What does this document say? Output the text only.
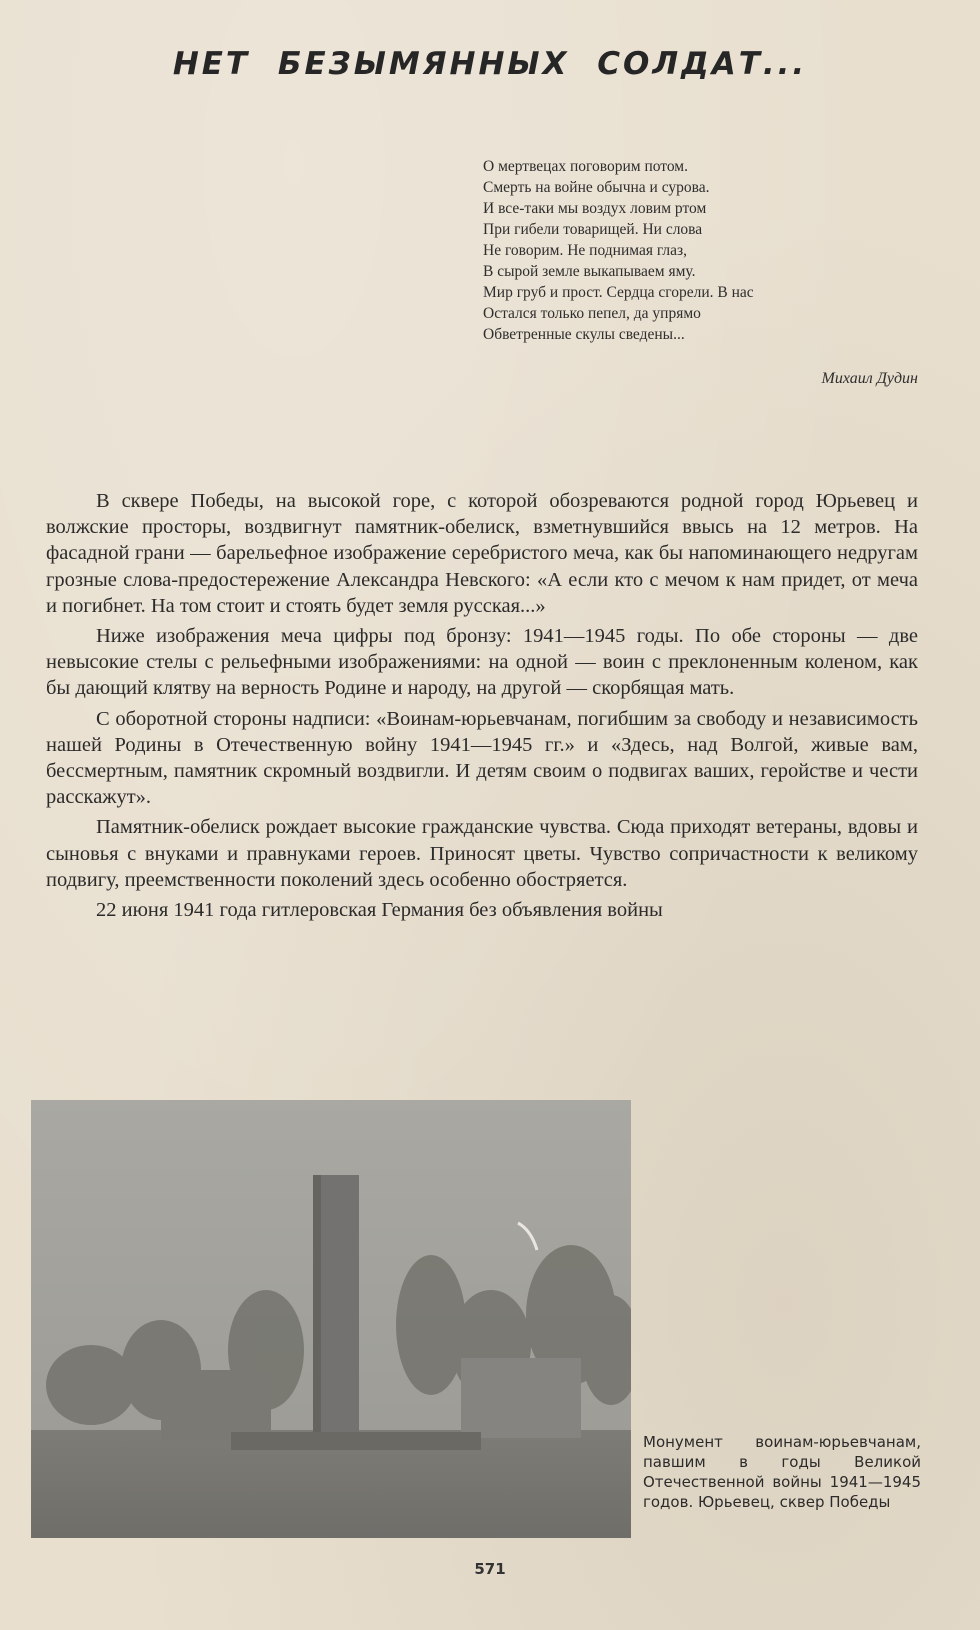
НЕТ БЕЗЫМЯННЫХ СОЛДАТ...
О мертвецах поговорим потом.
Смерть на войне обычна и сурова.
И все-таки мы воздух ловим ртом
При гибели товарищей. Ни слова
Не говорим. Не поднимая глаз,
В сырой земле выкапываем яму.
Мир груб и прост. Сердца сгорели. В нас
Остался только пепел, да упрямо
Обветренные скулы сведены...
Михаил Дудин

В сквере Победы, на высокой горе, с которой обозреваются родной город Юрьевец и волжские просторы, воздвигнут памятник-обелиск, взметнувшийся ввысь на 12 метров. На фасадной грани — барельефное изображение серебристого меча, как бы напоминающего недругам грозные слова-предостережение Александра Невского: «А если кто с мечом к нам придет, от меча и погибнет. На том стоит и стоять будет земля русская...»

Ниже изображения меча цифры под бронзу: 1941—1945 годы. По обе стороны — две невысокие стелы с рельефными изображениями: на одной — воин с преклоненным коленом, как бы дающий клятву на верность Родине и народу, на другой — скорбящая мать.

С оборотной стороны надписи: «Воинам-юрьевчанам, погибшим за свободу и независимость нашей Родины в Отечественную войну 1941—1945 гг.» и «Здесь, над Волгой, живые вам, бессмертным, памятник скромный воздвигли. И детям своим о подвигах ваших, геройстве и чести расскажут».

Памятник-обелиск рождает высокие гражданские чувства. Сюда приходят ветераны, вдовы и сыновья с внуками и правнуками героев. Приносят цветы. Чувство сопричастности к великому подвигу, преемственности поколений здесь особенно обостряется.

22 июня 1941 года гитлеровская Германия без объявления войны

Монумент воинам-юрьевчанам, павшим в годы Великой Отечественной войны 1941—1945 годов. Юрьевец, сквер Победы
571
